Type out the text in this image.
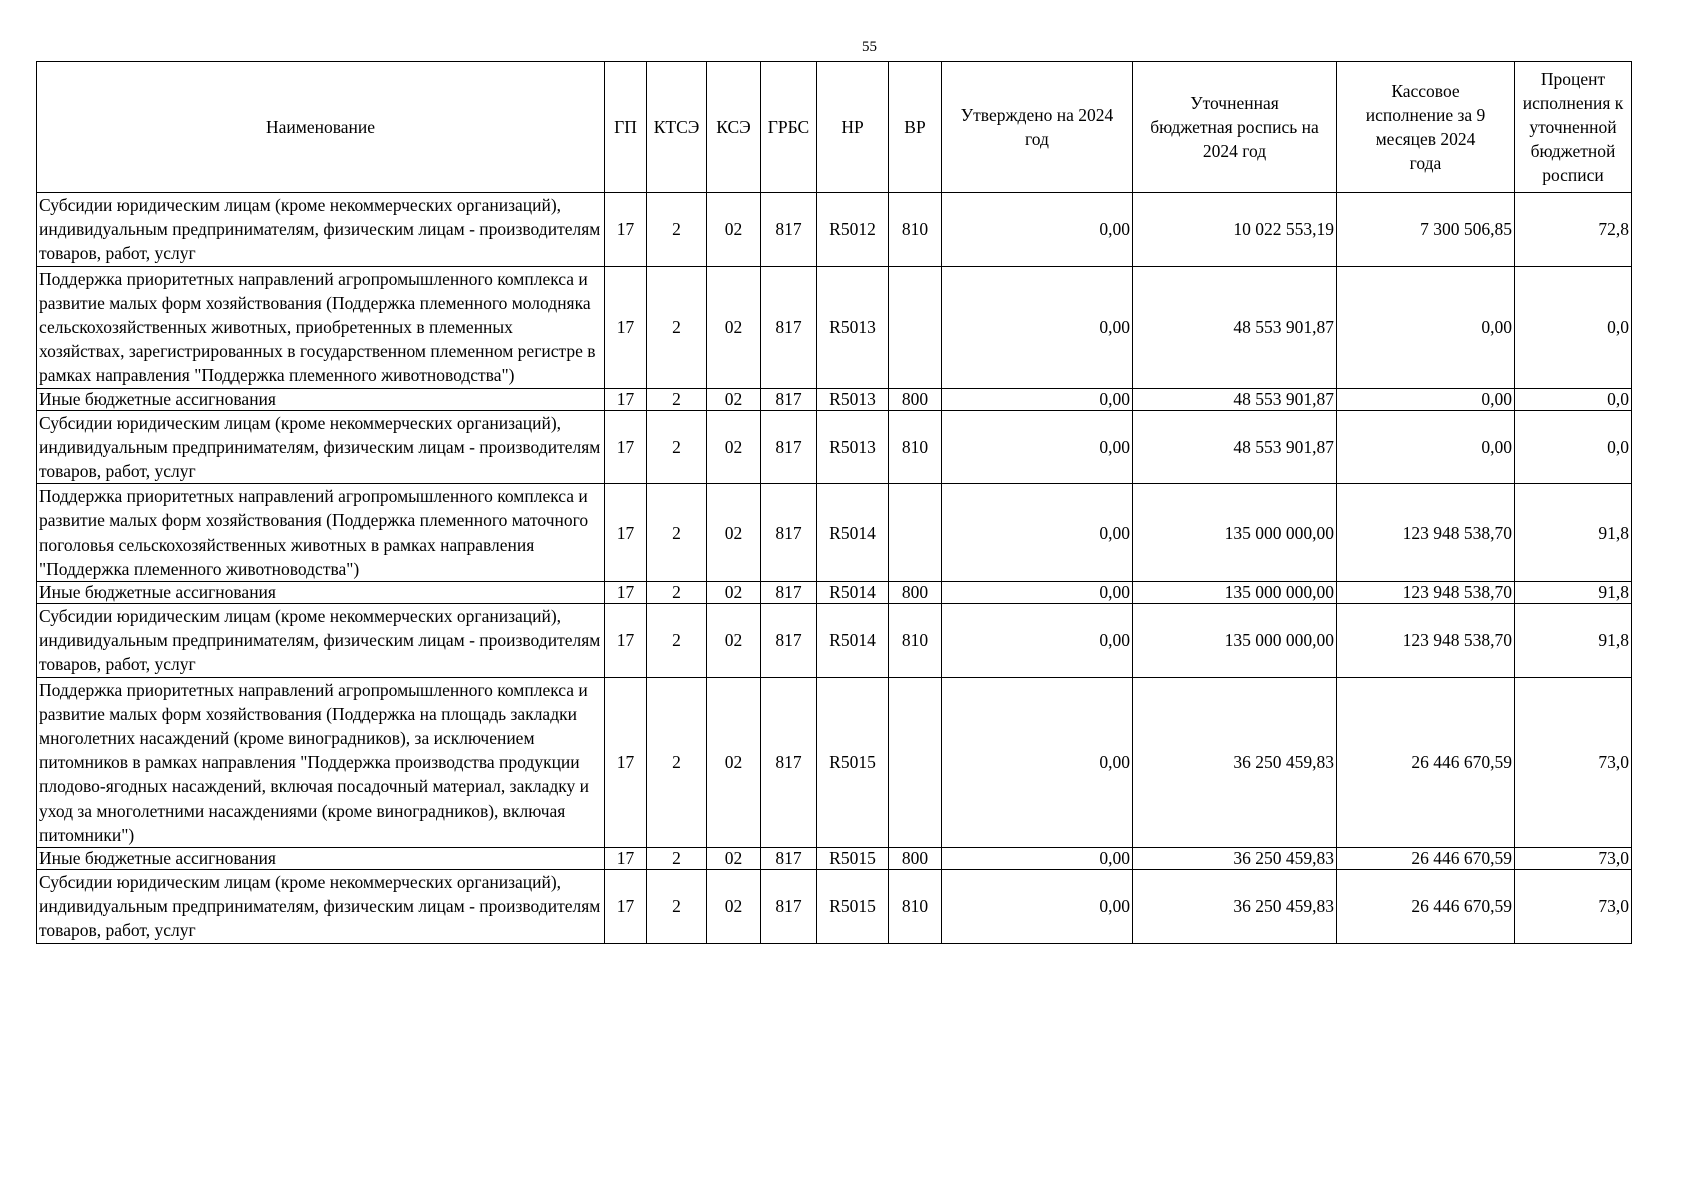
55
Наименование	ГП	КТСЭ	КСЭ	ГРБС	НР	ВР	Утверждено на 2024 год	Уточненная бюджетная роспись на 2024 год	Кассовое исполнение за 9 месяцев 2024 года	Процент исполнения к уточненной бюджетной росписи
Субсидии юридическим лицам (кроме некоммерческих организаций), индивидуальным предпринимателям, физическим лицам - производителям товаров, работ, услуг	17	2	02	817	R5012	810	0,00	10 022 553,19	7 300 506,85	72,8
Поддержка приоритетных направлений агропромышленного комплекса и развитие малых форм хозяйствования (Поддержка племенного молодняка сельскохозяйственных животных, приобретенных в племенных хозяйствах, зарегистрированных в государственном племенном регистре в рамках направления "Поддержка племенного животноводства")	17	2	02	817	R5013		0,00	48 553 901,87	0,00	0,0
Иные бюджетные ассигнования	17	2	02	817	R5013	800	0,00	48 553 901,87	0,00	0,0
Субсидии юридическим лицам (кроме некоммерческих организаций), индивидуальным предпринимателям, физическим лицам - производителям товаров, работ, услуг	17	2	02	817	R5013	810	0,00	48 553 901,87	0,00	0,0
Поддержка приоритетных направлений агропромышленного комплекса и развитие малых форм хозяйствования (Поддержка племенного маточного поголовья сельскохозяйственных животных в рамках направления "Поддержка племенного животноводства")	17	2	02	817	R5014		0,00	135 000 000,00	123 948 538,70	91,8
Иные бюджетные ассигнования	17	2	02	817	R5014	800	0,00	135 000 000,00	123 948 538,70	91,8
Субсидии юридическим лицам (кроме некоммерческих организаций), индивидуальным предпринимателям, физическим лицам - производителям товаров, работ, услуг	17	2	02	817	R5014	810	0,00	135 000 000,00	123 948 538,70	91,8
Поддержка приоритетных направлений агропромышленного комплекса и развитие малых форм хозяйствования (Поддержка на площадь закладки многолетних насаждений (кроме виноградников), за исключением питомников в рамках направления "Поддержка производства продукции плодово-ягодных насаждений, включая посадочный материал, закладку и уход за многолетними насаждениями (кроме виноградников), включая питомники")	17	2	02	817	R5015		0,00	36 250 459,83	26 446 670,59	73,0
Иные бюджетные ассигнования	17	2	02	817	R5015	800	0,00	36 250 459,83	26 446 670,59	73,0
Субсидии юридическим лицам (кроме некоммерческих организаций), индивидуальным предпринимателям, физическим лицам - производителям товаров, работ, услуг	17	2	02	817	R5015	810	0,00	36 250 459,83	26 446 670,59	73,0
